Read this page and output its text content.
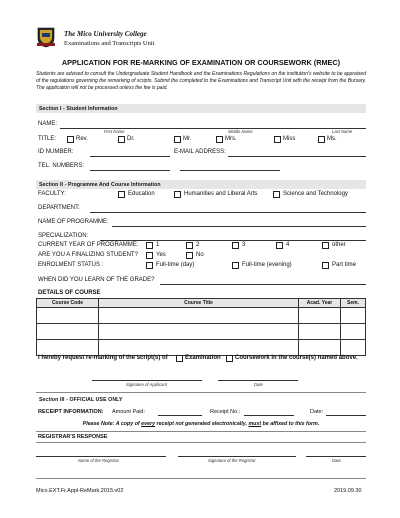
The Mico University College
Examinations and Transcripts Unit
APPLICATION FOR RE-MARKING OF EXAMINATION OR COURSEWORK (RMEC)
Students are advised to consult the Undergraduate Student Handbook and the Examinations Regulations on the institution's website to be appraised of the regulations governing the remarking of scripts. Submit the completed to the Examinations and Transcript Unit with the receipt from the Bursary. The application will not be processed unless the fee is paid.
Section I - Student Information
NAME:
First Name	Middle Name	Last Name
TITLE:	Rev.	Dr.	Mr.	Mrs.	Miss	Ms.
ID NUMBER:	E-MAIL ADDRESS:
TEL. NUMBERS:
Section II - Programme And Course Information
FACULTY:	Education	Humanities and Liberal Arts	Science and Technology
DEPARTMENT:
NAME OF PROGRAMME:
SPECIALIZATION:
CURRENT YEAR OF PROGRAMME:	1	2	3	4	other
ARE YOU A FINALIZING STUDENT?	Yes	No
ENROLMENT STATUS :	Full-time (day)	Full-time (evening)	Part time
WHEN DID YOU LEARN OF THE GRADE?
DETAILS OF COURSE
Course Code	Course Title	Acad. Year	Sem.

I hereby request re-marking of the script(s) of	Examination Coursework in the course(s) named above.
Signature of Applicant	Date
Section III - OFFICIAL USE ONLY
RECEIPT INFORMATION: Amount Paid:	Receipt No.:	Date:
Please Note: A copy of every receipt not generated electronically, must be affixed to this form.
REGISTRAR'S RESPONSE
Name of the Registrar	Signature of the Registrar	Date
Mico.EXT.Fr.Appl-ReMark.2015.v02	2019.09.30
